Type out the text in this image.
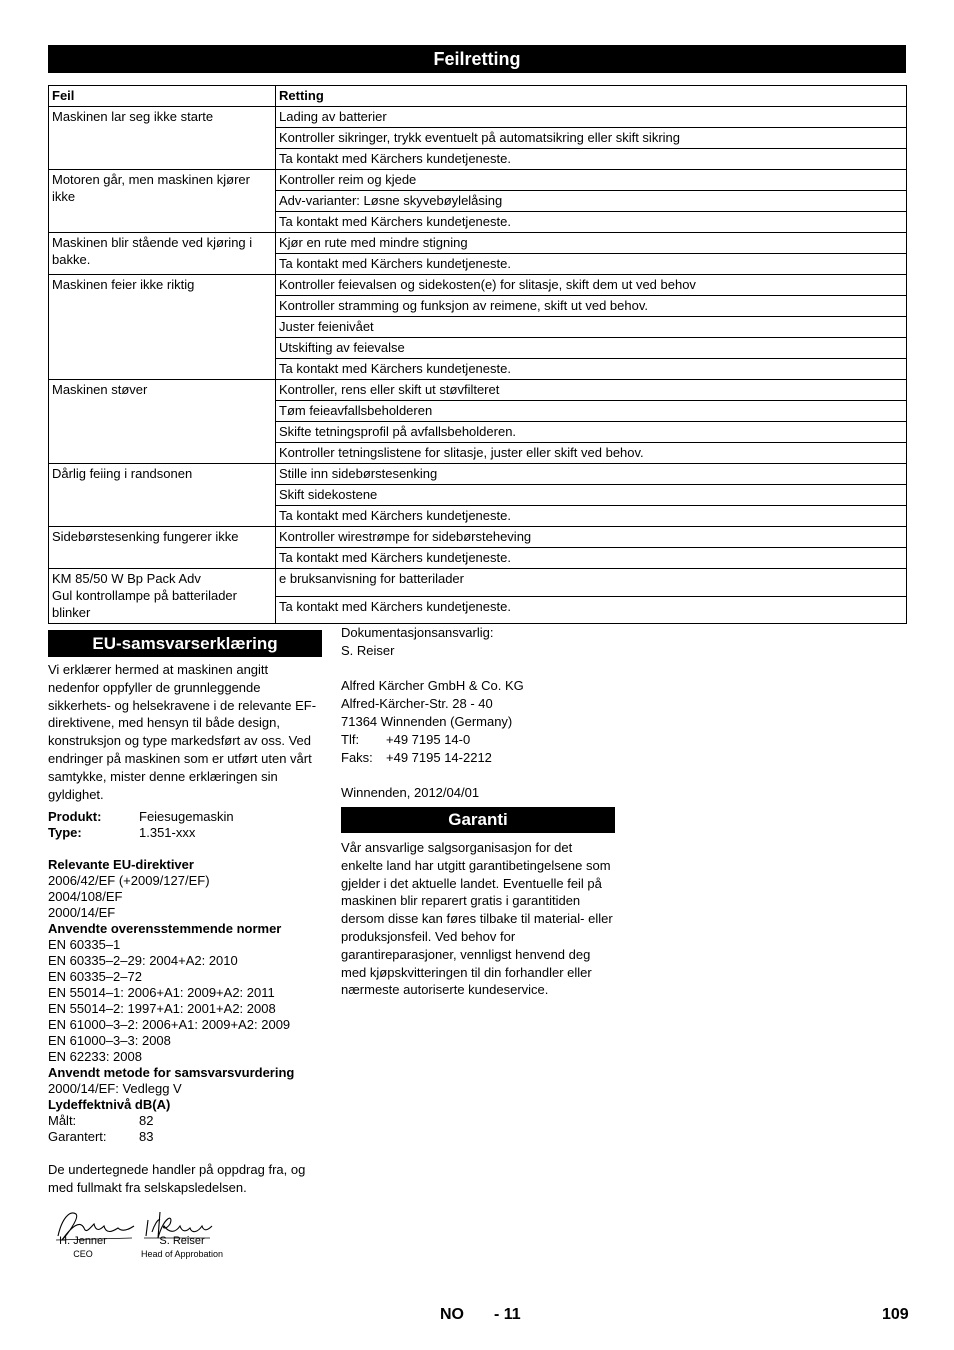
Feilretting
Feil	Retting
Maskinen lar seg ikke starte	Lading av batterier
	Kontroller sikringer, trykk eventuelt på automatsikring eller skift sikring
	Ta kontakt med Kärchers kundetjeneste.
Motoren går, men maskinen kjører ikke	Kontroller reim og kjede
	Adv-varianter: Løsne skyvebøylelåsing
	Ta kontakt med Kärchers kundetjeneste.
Maskinen blir stående ved kjøring i bakke.	Kjør en rute med mindre stigning
	Ta kontakt med Kärchers kundetjeneste.
Maskinen feier ikke riktig	Kontroller feievalsen og sidekosten(e) for slitasje, skift dem ut ved behov
	Kontroller stramming og funksjon av reimene, skift ut ved behov.
	Juster feienivået
	Utskifting av feievalse
	Ta kontakt med Kärchers kundetjeneste.
Maskinen støver	Kontroller, rens eller skift ut støvfilteret
	Tøm feieavfallsbeholderen
	Skifte tetningsprofil på avfallsbeholderen.
	Kontroller tetningslistene for slitasje, juster eller skift ved behov.
Dårlig feiing i randsonen	Stille inn sidebørstesenking
	Skift sidekostene
	Ta kontakt med Kärchers kundetjeneste.
Sidebørstesenking fungerer ikke	Kontroller wirestrømpe for sidebørsteheving
	Ta kontakt med Kärchers kundetjeneste.
KM 85/50 W Bp Pack Adv
Gul kontrollampe på batterilader blinker	e bruksanvisning for batterilader
	Ta kontakt med Kärchers kundetjeneste.
EU-samsvarserklæring

Vi erklærer hermed at maskinen angitt nedenfor oppfyller de grunnleggende sikkerhets- og helsekravene i de relevante EF-direktivene, med hensyn til både design, konstruksjon og type markedsført av oss. Ved endringer på maskinen som er utført uten vårt samtykke, mister denne erklæringen sin gyldighet.

Produkt:	Feiesugemaskin
Type:	1.351-xxx
Relevante EU-direktiver
2006/42/EF (+2009/127/EF)
2004/108/EF
2000/14/EF
Anvendte overensstemmende normer
EN 60335–1
EN 60335–2–29: 2004+A2: 2010
EN 60335–2–72
EN 55014–1: 2006+A1: 2009+A2: 2011
EN 55014–2: 1997+A1: 2001+A2: 2008
EN 61000–3–2: 2006+A1: 2009+A2: 2009
EN 61000–3–3: 2008
EN 62233: 2008
Anvendt metode for samsvarsvurdering
2000/14/EF: Vedlegg V
Lydeffektnivå dB(A)
Målt:	82
Garantert:	83

De undertegnede handler på oppdrag fra, og med fullmakt fra selskapsledelsen.

H. Jenner
CEO
S. Reiser
Head of Approbation
Dokumentasjonsansvarlig:
S. Reiser
Alfred Kärcher GmbH & Co. KG
Alfred-Kärcher-Str. 28 - 40
71364 Winnenden (Germany)
Tlf:	+49 7195 14-0
Faks:	+49 7195 14-2212
Winnenden, 2012/04/01
Garanti

Vår ansvarlige salgsorganisasjon for det enkelte land har utgitt garantibetingelsene som gjelder i det aktuelle landet. Eventuelle feil på maskinen blir reparert gratis i garantitiden dersom disse kan føres tilbake til material- eller produksjonsfeil. Ved behov for garantireparasjoner, vennligst henvend deg med kjøpskvitteringen til din forhandler eller nærmeste autoriserte kundeservice.

NO - 11	109
